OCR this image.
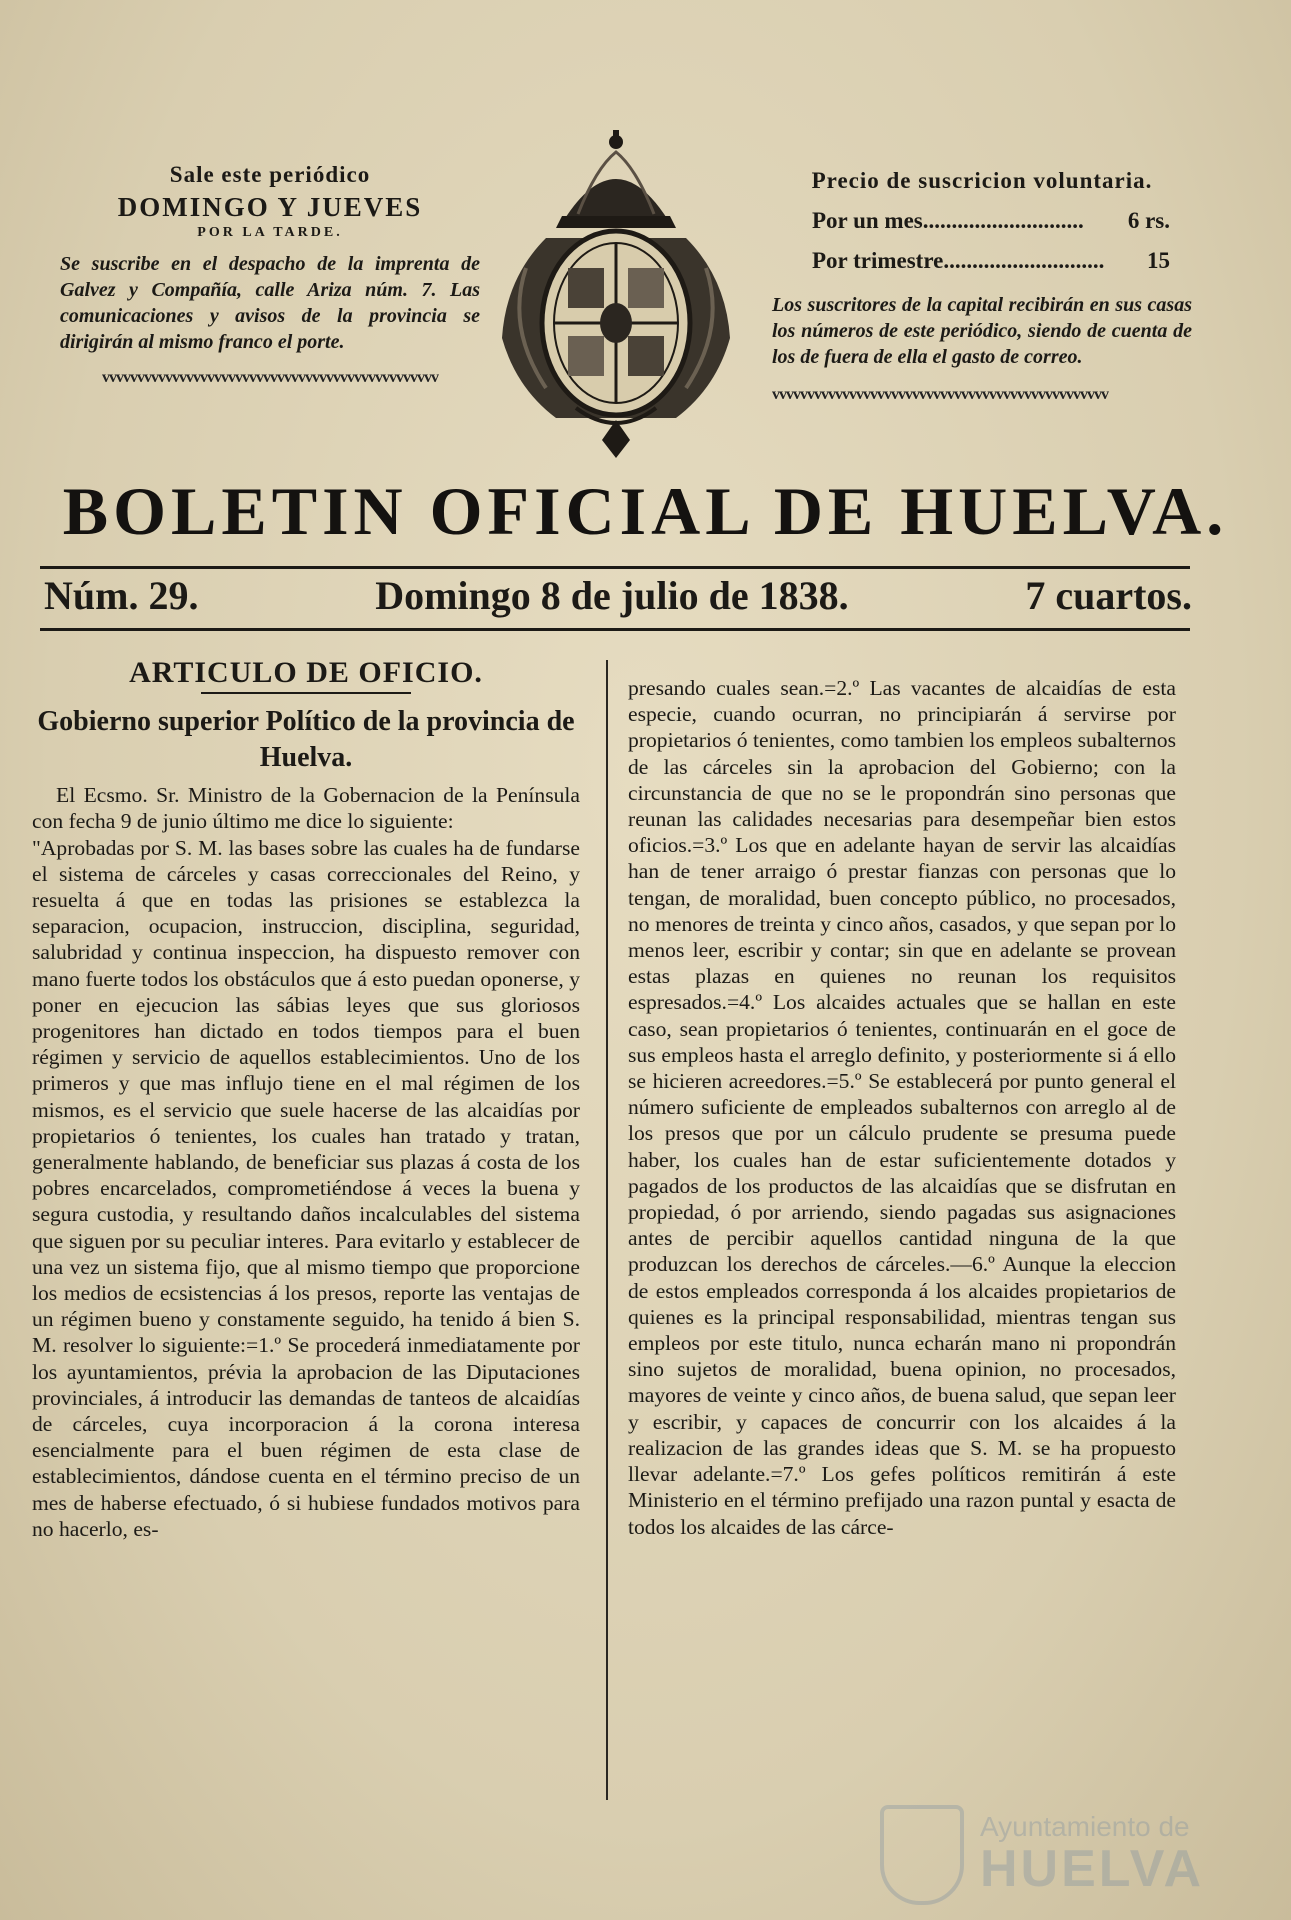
Sale este periódico
DOMINGO Y JUEVES
POR LA TARDE.
Se suscribe en el despacho de la imprenta de Galvez y Compañía, calle Ariza núm. 7. Las comunicaciones y avisos de la provincia se dirigirán al mismo franco el porte.
vvvvvvvvvvvvvvvvvvvvvvvvvvvvvvvvvvvvvvvvvvvvvvvv
Precio de suscricion voluntaria.
Por un mes ............................	6 rs.
Por trimestre ............................	15
Los suscritores de la capital recibirán en sus casas los números de este periódico, siendo de cuenta de los de fuera de ella el gasto de correo.
vvvvvvvvvvvvvvvvvvvvvvvvvvvvvvvvvvvvvvvvvvvvvvvv
BOLETIN OFICIAL DE HUELVA.
Núm. 29.	Domingo 8 de julio de 1838.	7 cuartos.
ARTICULO DE OFICIO.
Gobierno superior Político de la provincia de Huelva.

El Ecsmo. Sr. Ministro de la Gobernacion de la Península con fecha 9 de junio último me dice lo siguiente:

"Aprobadas por S. M. las bases sobre las cuales ha de fundarse el sistema de cárceles y casas correccionales del Reino, y resuelta á que en todas las prisiones se establezca la separacion, ocupacion, instruccion, disciplina, seguridad, salubridad y continua inspeccion, ha dispuesto remover con mano fuerte todos los obstáculos que á esto puedan oponerse, y poner en ejecucion las sábias leyes que sus gloriosos progenitores han dictado en todos tiempos para el buen régimen y servicio de aquellos establecimientos. Uno de los primeros y que mas influjo tiene en el mal régimen de los mismos, es el servicio que suele hacerse de las alcaidías por propietarios ó tenientes, los cuales han tratado y tratan, generalmente hablando, de beneficiar sus plazas á costa de los pobres encarcelados, comprometiéndose á veces la buena y segura custodia, y resultando daños incalculables del sistema que siguen por su peculiar interes. Para evitarlo y establecer de una vez un sistema fijo, que al mismo tiempo que proporcione los medios de ecsistencias á los presos, reporte las ventajas de un régimen bueno y constamente seguido, ha tenido á bien S. M. resolver lo siguiente:=1.º Se procederá inmediatamente por los ayuntamientos, prévia la aprobacion de las Diputaciones provinciales, á introducir las demandas de tanteos de alcaidías de cárceles, cuya incorporacion á la corona interesa esencialmente para el buen régimen de esta clase de establecimientos, dándose cuenta en el término preciso de un mes de haberse efectuado, ó si hubiese fundados motivos para no hacerlo, es-

presando cuales sean.=2.º Las vacantes de alcaidías de esta especie, cuando ocurran, no principiarán á servirse por propietarios ó tenientes, como tambien los empleos subalternos de las cárceles sin la aprobacion del Gobierno; con la circunstancia de que no se le propondrán sino personas que reunan las calidades necesarias para desempeñar bien estos oficios.=3.º Los que en adelante hayan de servir las alcaidías han de tener arraigo ó prestar fianzas con personas que lo tengan, de moralidad, buen concepto público, no procesados, no menores de treinta y cinco años, casados, y que sepan por lo menos leer, escribir y contar; sin que en adelante se provean estas plazas en quienes no reunan los requisitos espresados.=4.º Los alcaides actuales que se hallan en este caso, sean propietarios ó tenientes, continuarán en el goce de sus empleos hasta el arreglo definito, y posteriormente si á ello se hicieren acreedores.=5.º Se establecerá por punto general el número suficiente de empleados subalternos con arreglo al de los presos que por un cálculo prudente se presuma puede haber, los cuales han de estar suficientemente dotados y pagados de los productos de las alcaidías que se disfrutan en propiedad, ó por arriendo, siendo pagadas sus asignaciones antes de percibir aquellos cantidad ninguna de la que produzcan los derechos de cárceles.—6.º Aunque la eleccion de estos empleados corresponda á los alcaides propietarios de quienes es la principal responsabilidad, mientras tengan sus empleos por este titulo, nunca echarán mano ni propondrán sino sujetos de moralidad, buena opinion, no procesados, mayores de veinte y cinco años, de buena salud, que sepan leer y escribir, y capaces de concurrir con los alcaides á la realizacion de las grandes ideas que S. M. se ha propuesto llevar adelante.=7.º Los gefes políticos remitirán á este Ministerio en el término prefijado una razon puntal y esacta de todos los alcaides de las cárce-

Ayuntamiento de
HUELVA
